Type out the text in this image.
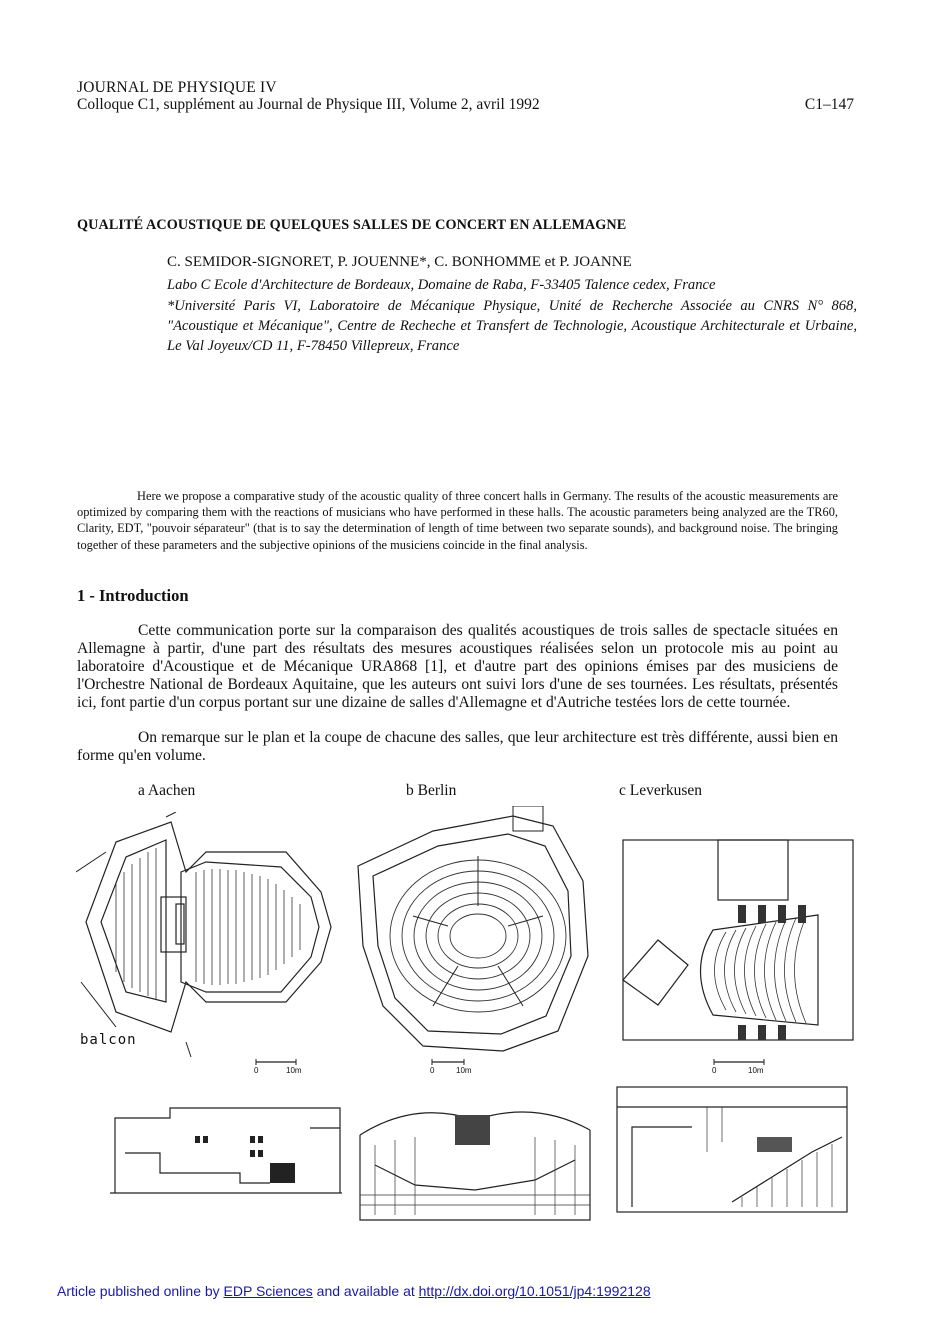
JOURNAL DE PHYSIQUE IV
Colloque C1, supplément au Journal de Physique III, Volume 2, avril 1992	C1–147
QUALITÉ ACOUSTIQUE DE QUELQUES SALLES DE CONCERT EN ALLEMAGNE
C. SEMIDOR-SIGNORET, P. JOUENNE*, C. BONHOMME et P. JOANNE
Labo C Ecole d'Architecture de Bordeaux, Domaine de Raba, F-33405 Talence cedex, France
*Université Paris VI, Laboratoire de Mécanique Physique, Unité de Recherche Associée au CNRS N° 868, "Acoustique et Mécanique", Centre de Recheche et Transfert de Technologie, Acoustique Architecturale et Urbaine, Le Val Joyeux/CD 11, F-78450 Villepreux, France
Here we propose a comparative study of the acoustic quality of three concert halls in Germany. The results of the acoustic measurements are optimized by comparing them with the reactions of musicians who have performed in these halls. The acoustic parameters being analyzed are the TR60, Clarity, EDT, "pouvoir séparateur" (that is to say the determination of length of time between two separate sounds), and background noise. The bringing together of these parameters and the subjective opinions of the musiciens coincide in the final analysis.
1 - Introduction
Cette communication porte sur la comparaison des qualités acoustiques de trois salles de spectacle situées en Allemagne à partir, d'une part des résultats des mesures acoustiques réalisées selon un protocole mis au point au laboratoire d'Acoustique et de Mécanique URA868 [1], et d'autre part des opinions émises par des musiciens de l'Orchestre National de Bordeaux Aquitaine, que les auteurs ont suivi lors d'une de ses tournées. Les résultats, présentés ici, font partie d'un corpus portant sur une dizaine de salles d'Allemagne et d'Autriche testées lors de cette tournée.
On remarque sur le plan et la coupe de chacune des salles, que leur architecture est très différente, aussi bien en forme qu'en volume.
a Aachen	b Berlin	c Leverkusen
balcon
0	10m	0	10m	0	10m
Article published online by EDP Sciences and available at http://dx.doi.org/10.1051/jp4:1992128
